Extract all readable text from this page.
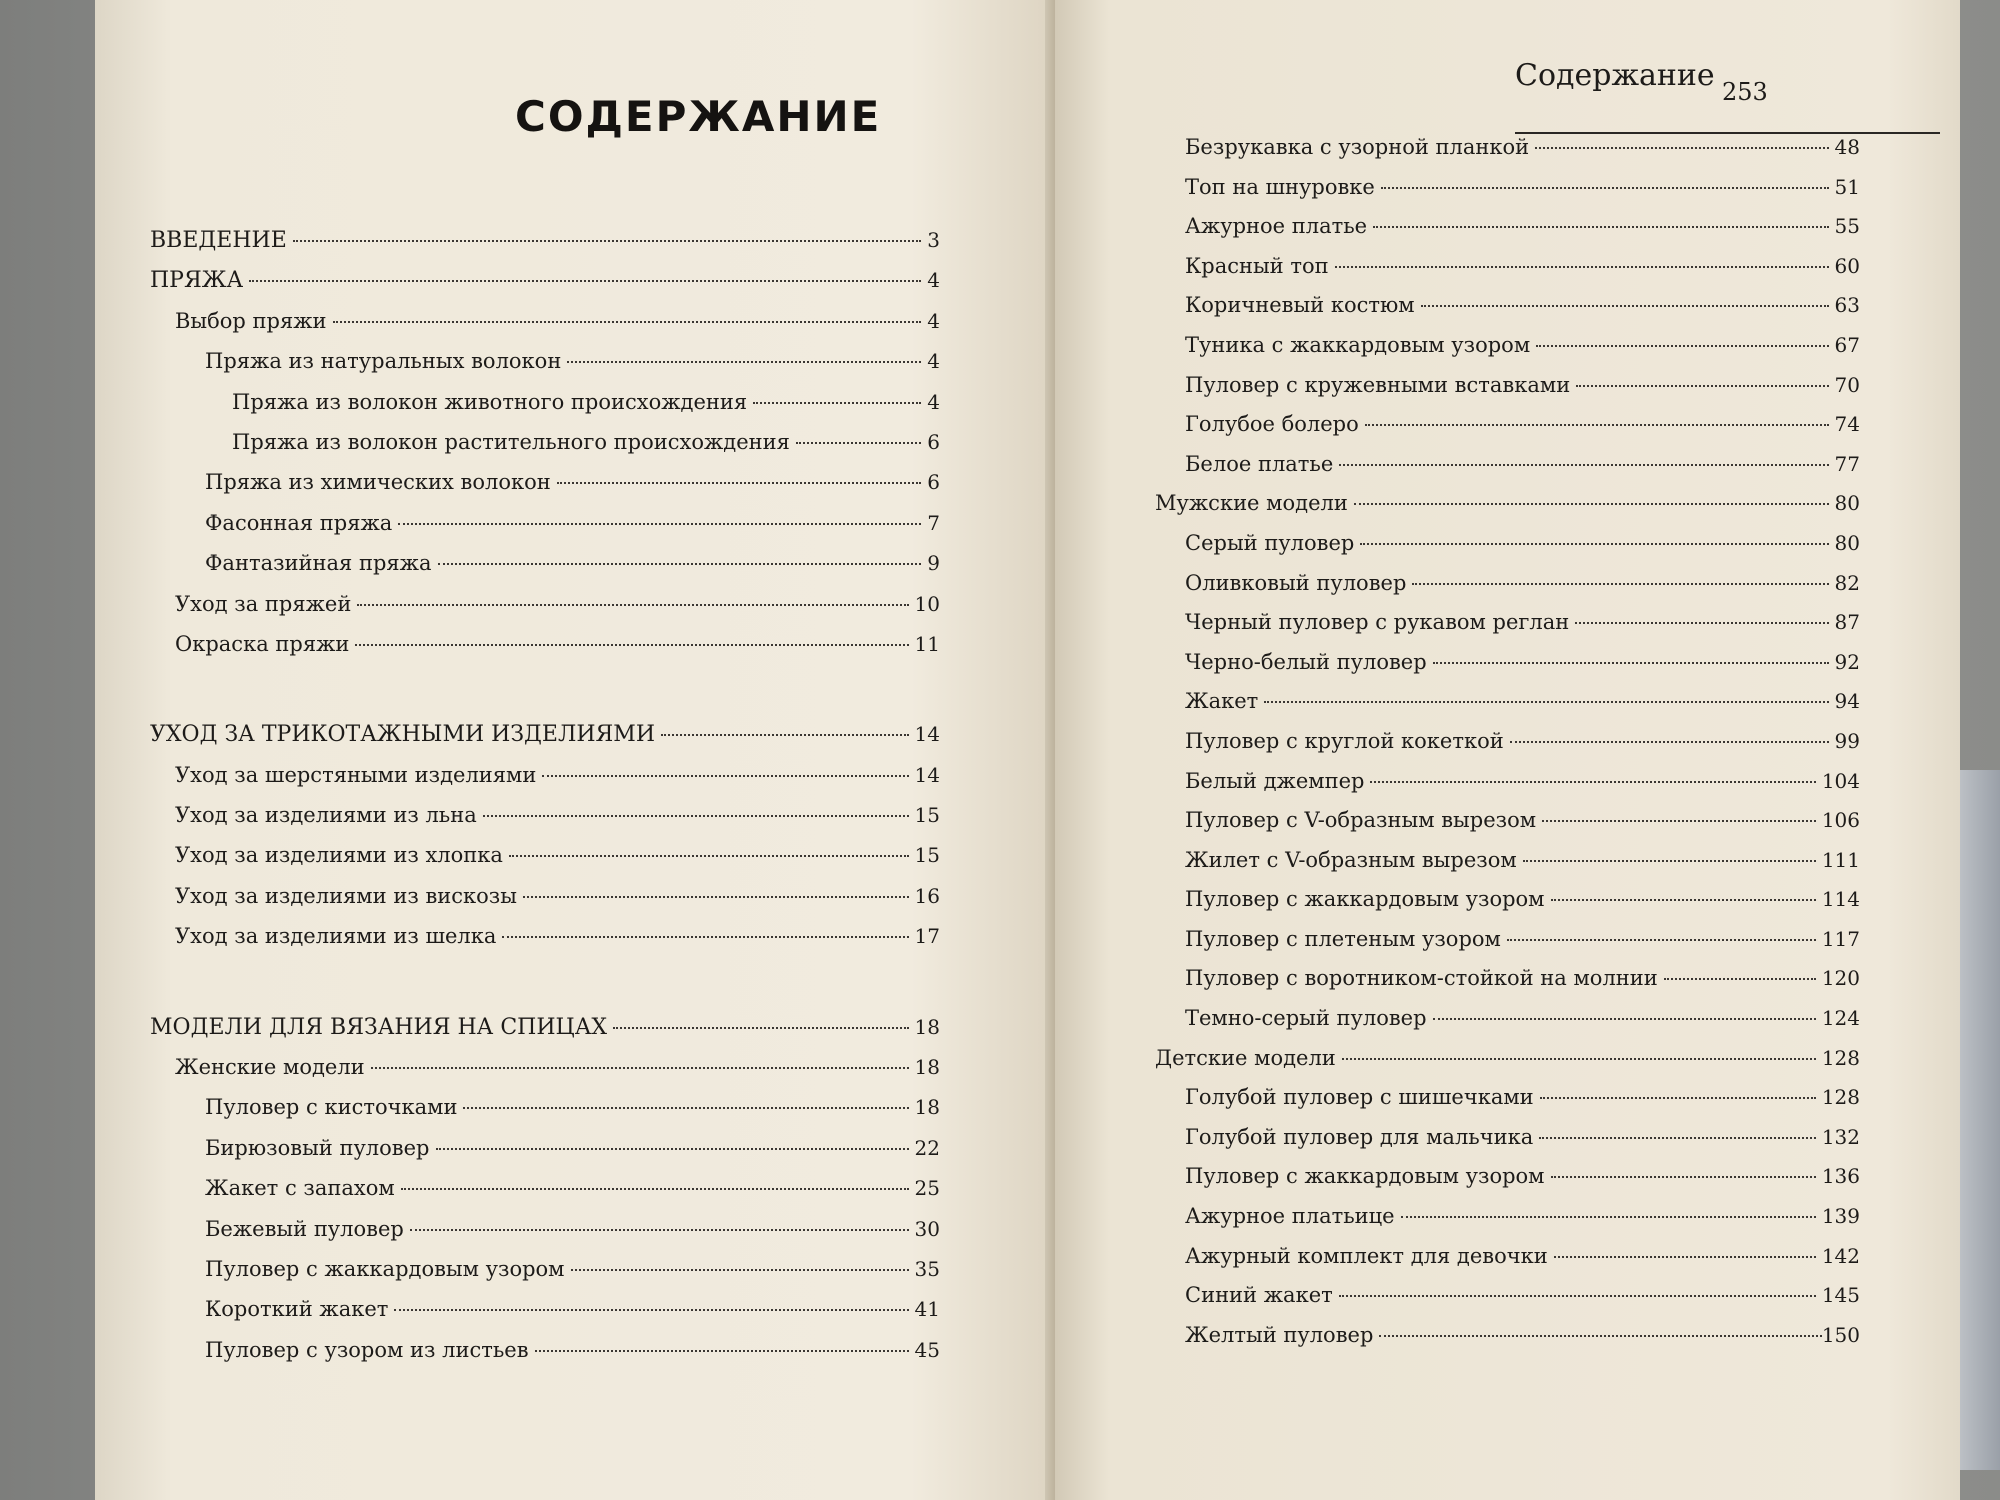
СОДЕРЖАНИЕ
Содержание 253
ВВЕДЕНИЕ	3
ПРЯЖА	4
Выбор пряжи	4
Пряжа из натуральных волокон	4
Пряжа из волокон животного происхождения	4
Пряжа из волокон растительного происхождения	6
Пряжа из химических волокон	6
Фасонная пряжа	7
Фантазийная пряжа	9
Уход за пряжей	10
Окраска пряжи	11
УХОД ЗА ТРИКОТАЖНЫМИ ИЗДЕЛИЯМИ	14
Уход за шерстяными изделиями	14
Уход за изделиями из льна	15
Уход за изделиями из хлопка	15
Уход за изделиями из вискозы	16
Уход за изделиями из шелка	17
МОДЕЛИ ДЛЯ ВЯЗАНИЯ НА СПИЦАХ	18
Женские модели	18
Пуловер с кисточками	18
Бирюзовый пуловер	22
Жакет с запахом	25
Бежевый пуловер	30
Пуловер с жаккардовым узором	35
Короткий жакет	41
Пуловер с узором из листьев	45
Безрукавка с узорной планкой	48
Топ на шнуровке	51
Ажурное платье	55
Красный топ	60
Коричневый костюм	63
Туника с жаккардовым узором	67
Пуловер с кружевными вставками	70
Голубое болеро	74
Белое платье	77
Мужские модели	80
Серый пуловер	80
Оливковый пуловер	82
Черный пуловер с рукавом реглан	87
Черно-белый пуловер	92
Жакет	94
Пуловер с круглой кокеткой	99
Белый джемпер	104
Пуловер с V-образным вырезом	106
Жилет с V-образным вырезом	111
Пуловер с жаккардовым узором	114
Пуловер с плетеным узором	117
Пуловер с воротником-стойкой на молнии	120
Темно-серый пуловер	124
Детские модели	128
Голубой пуловер с шишечками	128
Голубой пуловер для мальчика	132
Пуловер с жаккардовым узором	136
Ажурное платьице	139
Ажурный комплект для девочки	142
Синий жакет	145
Желтый пуловер	150
